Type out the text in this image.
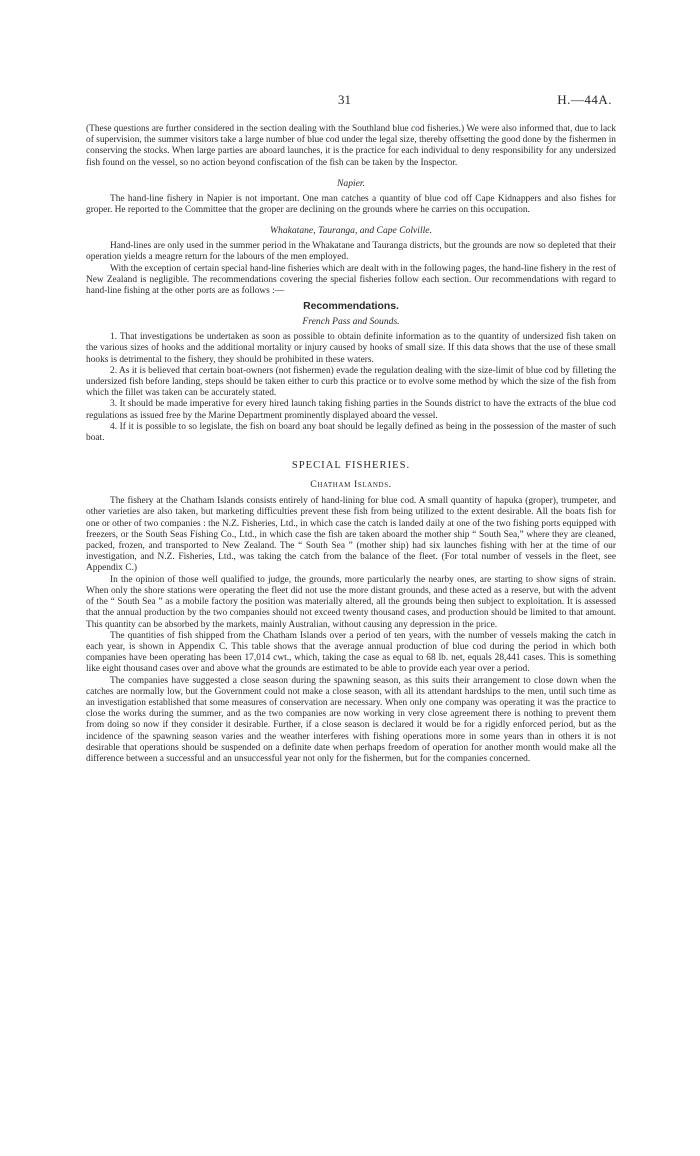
31	H.—44A.

(These questions are further considered in the section dealing with the Southland blue cod fisheries.) We were also informed that, due to lack of supervision, the summer visitors take a large number of blue cod under the legal size, thereby offsetting the good done by the fishermen in conserving the stocks. When large parties are aboard launches, it is the practice for each individual to deny responsibility for any undersized fish found on the vessel, so no action beyond confiscation of the fish can be taken by the Inspector.

Napier.

The hand-line fishery in Napier is not important. One man catches a quantity of blue cod off Cape Kidnappers and also fishes for groper. He reported to the Committee that the groper are declining on the grounds where he carries on this occupation.

Whakatane, Tauranga, and Cape Colville.

Hand-lines are only used in the summer period in the Whakatane and Tauranga districts, but the grounds are now so depleted that their operation yields a meagre return for the labours of the men employed.

With the exception of certain special hand-line fisheries which are dealt with in the following pages, the hand-line fishery in the rest of New Zealand is negligible. The recommendations covering the special fisheries follow each section. Our recommendations with regard to hand-line fishing at the other ports are as follows :—

Recommendations.
French Pass and Sounds.

1. That investigations be undertaken as soon as possible to obtain definite information as to the quantity of undersized fish taken on the various sizes of hooks and the additional mortality or injury caused by hooks of small size. If this data shows that the use of these small hooks is detrimental to the fishery, they should be prohibited in these waters.

2. As it is believed that certain boat-owners (not fishermen) evade the regulation dealing with the size-limit of blue cod by filleting the undersized fish before landing, steps should be taken either to curb this practice or to evolve some method by which the size of the fish from which the fillet was taken can be accurately stated.

3. It should be made imperative for every hired launch taking fishing parties in the Sounds district to have the extracts of the blue cod regulations as issued free by the Marine Department prominently displayed aboard the vessel.

4. If it is possible to so legislate, the fish on board any boat should be legally defined as being in the possession of the master of such boat.

SPECIAL FISHERIES.
Chatham Islands.

The fishery at the Chatham Islands consists entirely of hand-lining for blue cod. A small quantity of hapuka (groper), trumpeter, and other varieties are also taken, but marketing difficulties prevent these fish from being utilized to the extent desirable. All the boats fish for one or other of two companies : the N.Z. Fisheries, Ltd., in which case the catch is landed daily at one of the two fishing ports equipped with freezers, or the South Seas Fishing Co., Ltd., in which case the fish are taken aboard the mother ship “ South Sea,” where they are cleaned, packed, frozen, and transported to New Zealand. The “ South Sea ” (mother ship) had six launches fishing with her at the time of our investigation, and N.Z. Fisheries, Ltd., was taking the catch from the balance of the fleet. (For total number of vessels in the fleet, see Appendix C.)

In the opinion of those well qualified to judge, the grounds, more particularly the nearby ones, are starting to show signs of strain. When only the shore stations were operating the fleet did not use the more distant grounds, and these acted as a reserve, but with the advent of the “ South Sea ” as a mobile factory the position was materially altered, all the grounds being then subject to exploitation. It is assessed that the annual production by the two companies should not exceed twenty thousand cases, and production should be limited to that amount. This quantity can be absorbed by the markets, mainly Australian, without causing any depression in the price.

The quantities of fish shipped from the Chatham Islands over a period of ten years, with the number of vessels making the catch in each year, is shown in Appendix C. This table shows that the average annual production of blue cod during the period in which both companies have been operating has been 17,014 cwt., which, taking the case as equal to 68 lb. net, equals 28,441 cases. This is something like eight thousand cases over and above what the grounds are estimated to be able to provide each year over a period.

The companies have suggested a close season during the spawning season, as this suits their arrangement to close down when the catches are normally low, but the Government could not make a close season, with all its attendant hardships to the men, until such time as an investigation established that some measures of conservation are necessary. When only one company was operating it was the practice to close the works during the summer, and as the two companies are now working in very close agreement there is nothing to prevent them from doing so now if they consider it desirable. Further, if a close season is declared it would be for a rigidly enforced period, but as the incidence of the spawning season varies and the weather interferes with fishing operations more in some years than in others it is not desirable that operations should be suspended on a definite date when perhaps freedom of operation for another month would make all the difference between a successful and an unsuccessful year not only for the fishermen, but for the companies concerned.
